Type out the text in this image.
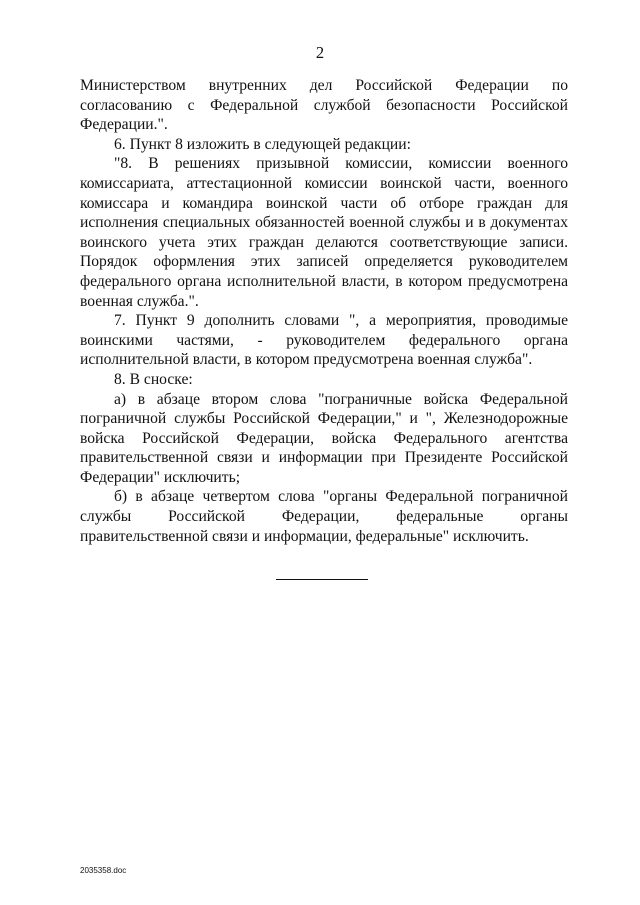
2

Министерством внутренних дел Российской Федерации по согласованию с Федеральной службой безопасности Российской Федерации.".

6. Пункт 8 изложить в следующей редакции:

"8. В решениях призывной комиссии, комиссии военного комиссариата, аттестационной комиссии воинской части, военного комиссара и командира воинской части об отборе граждан для исполнения специальных обязанностей военной службы и в документах воинского учета этих граждан делаются соответствующие записи. Порядок оформления этих записей определяется руководителем федерального органа исполнительной власти, в котором предусмотрена военная служба.".

7. Пункт 9 дополнить словами ", а мероприятия, проводимые воинскими частями, - руководителем федерального органа исполнительной власти, в котором предусмотрена военная служба".

8. В сноске:

а) в абзаце втором слова "пограничные войска Федеральной пограничной службы Российской Федерации," и ", Железнодорожные войска Российской Федерации, войска Федерального агентства правительственной связи и информации при Президенте Российской Федерации" исключить;

б) в абзаце четвертом слова "органы Федеральной пограничной службы Российской Федерации, федеральные органы правительственной связи и информации, федеральные" исключить.

2035358.doc
